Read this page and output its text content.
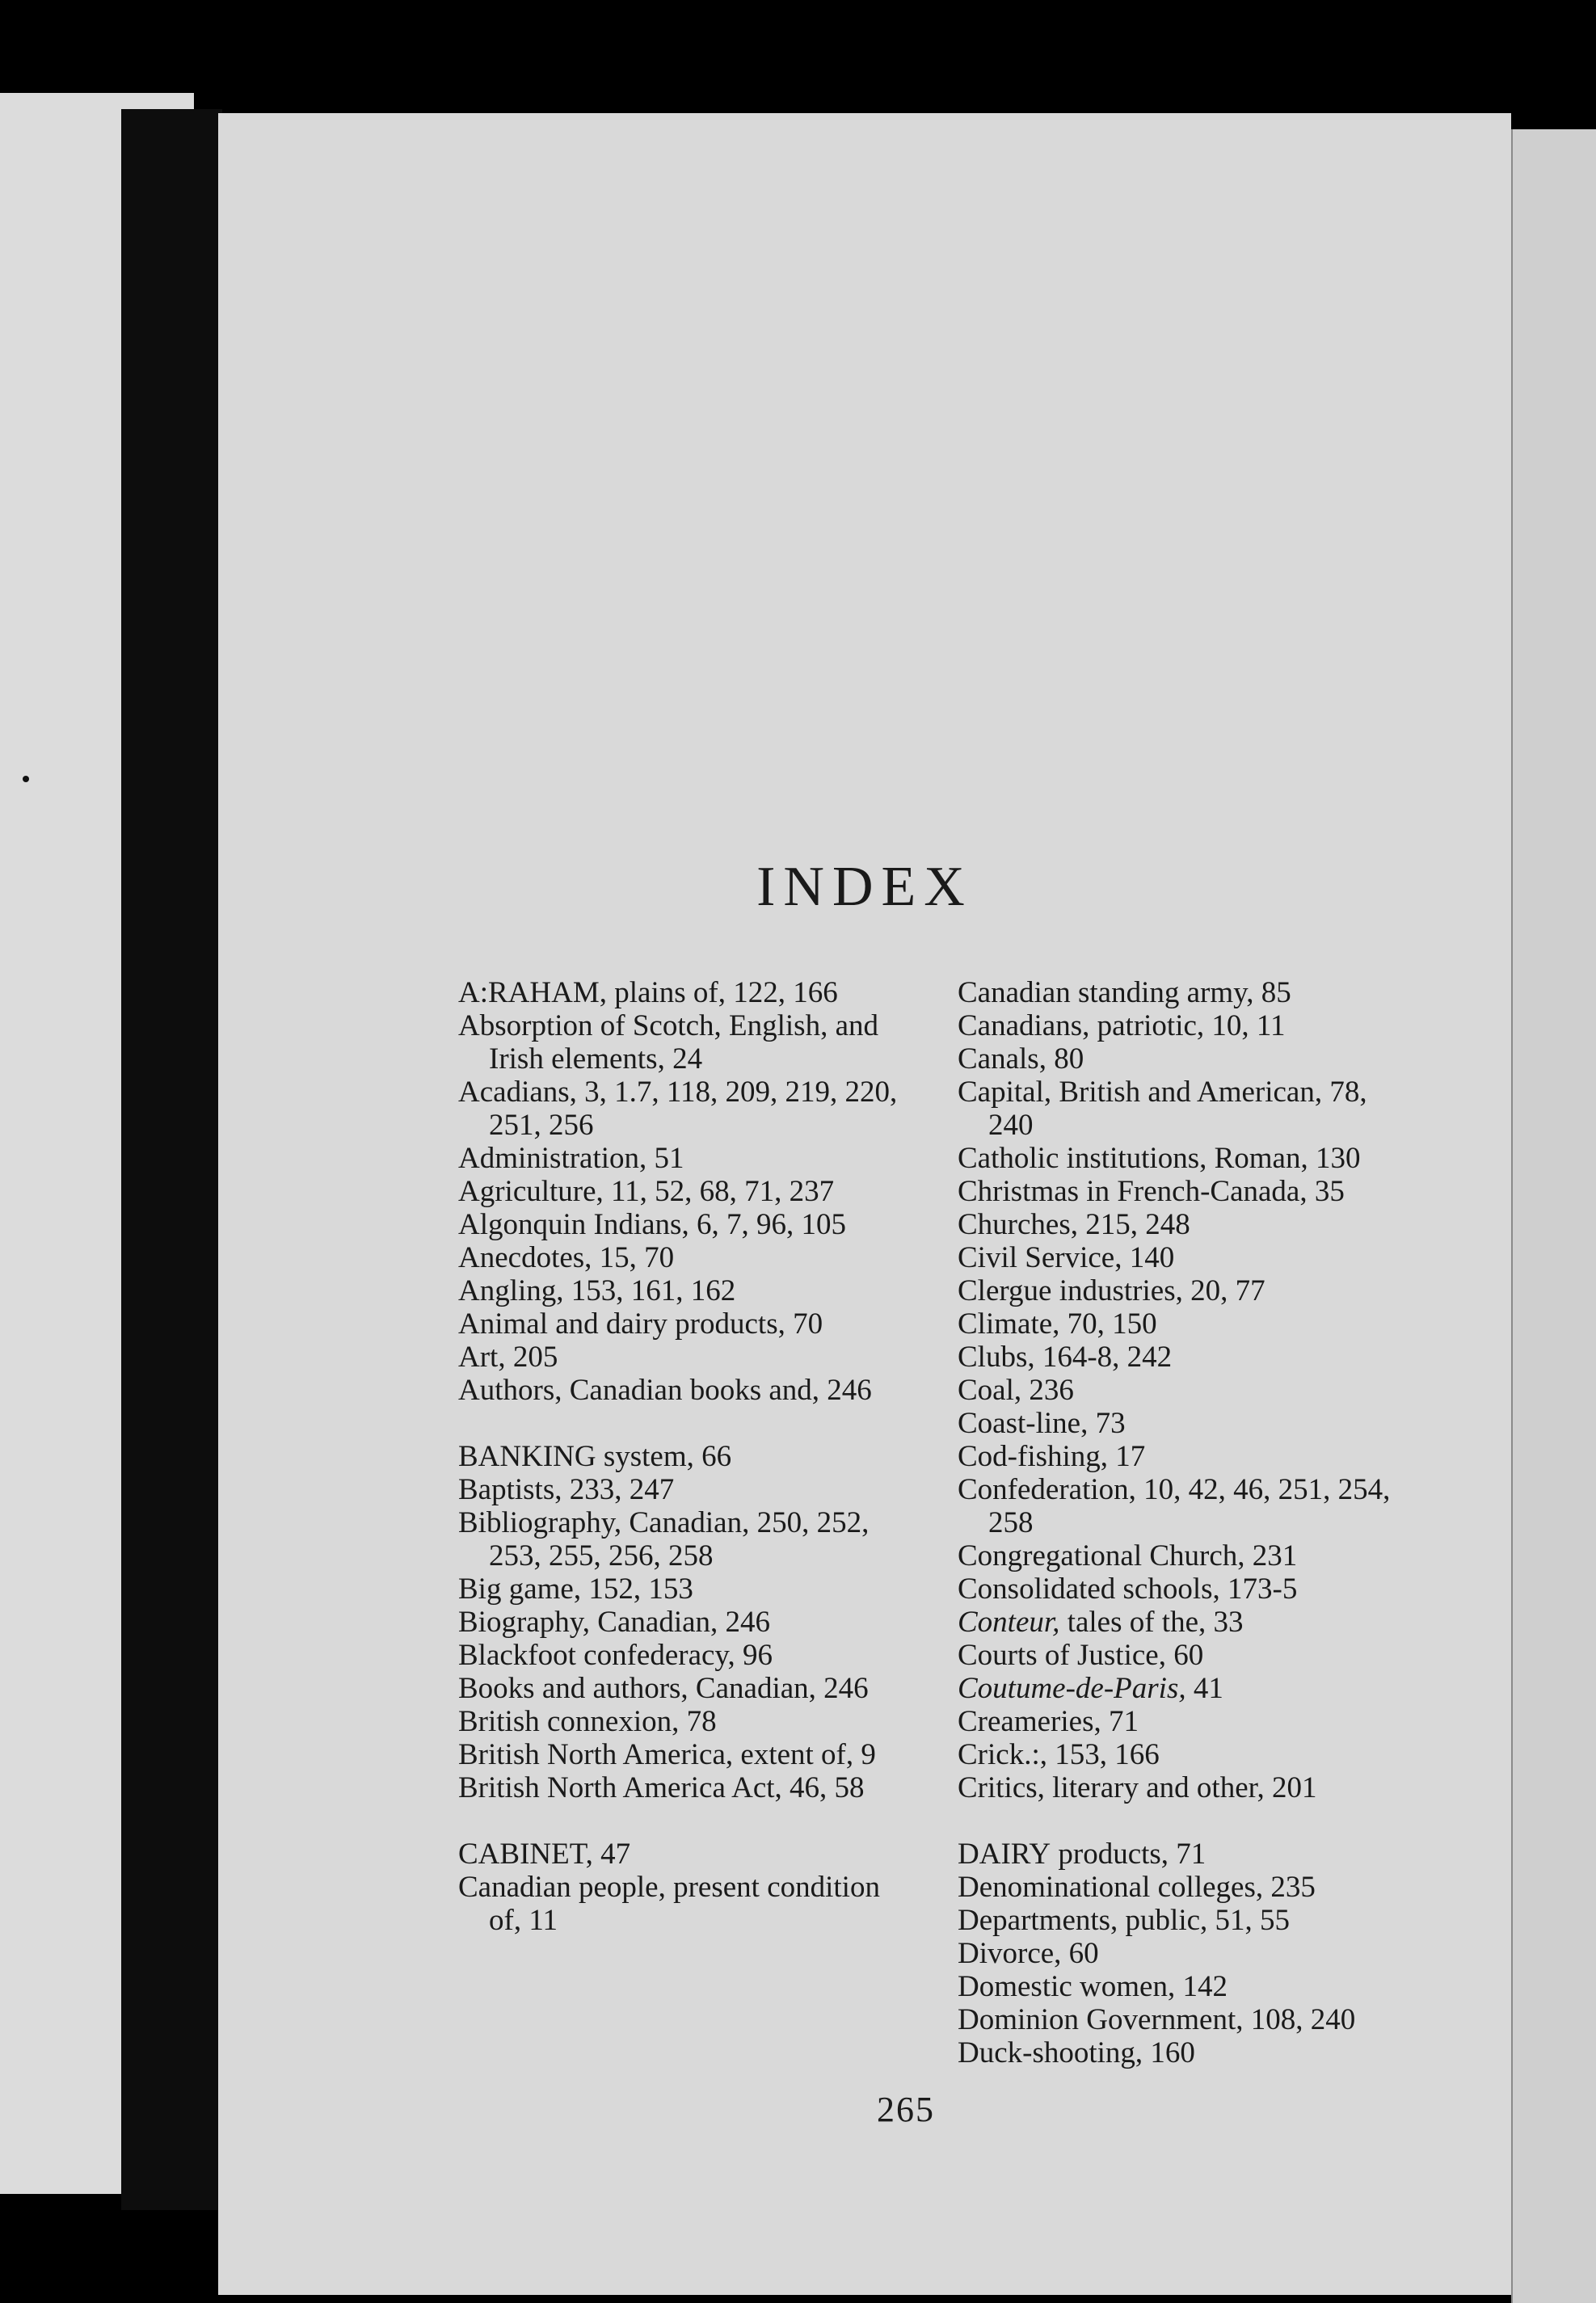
INDEX
A:RAHAM, plains of, 122, 166
Absorption of Scotch, English, and Irish elements, 24
Acadians, 3, 1.7, 118, 209, 219, 220, 251, 256
Administration, 51
Agriculture, 11, 52, 68, 71, 237
Algonquin Indians, 6, 7, 96, 105
Anecdotes, 15, 70
Angling, 153, 161, 162
Animal and dairy products, 70
Art, 205
Authors, Canadian books and, 246
BANKING system, 66
Baptists, 233, 247
Bibliography, Canadian, 250, 252, 253, 255, 256, 258
Big game, 152, 153
Biography, Canadian, 246
Blackfoot confederacy, 96
Books and authors, Canadian, 246
British connexion, 78
British North America, extent of, 9
British North America Act, 46, 58
CABINET, 47
Canadian people, present condition of, 11
Canadian standing army, 85
Canadians, patriotic, 10, 11
Canals, 80
Capital, British and American, 78, 240
Catholic institutions, Roman, 130
Christmas in French-Canada, 35
Churches, 215, 248
Civil Service, 140
Clergue industries, 20, 77
Climate, 70, 150
Clubs, 164-8, 242
Coal, 236
Coast-line, 73
Cod-fishing, 17
Confederation, 10, 42, 46, 251, 254, 258
Congregational Church, 231
Consolidated schools, 173-5
Conteur, tales of the, 33
Courts of Justice, 60
Coutume-de-Paris, 41
Creameries, 71
Crick.:, 153, 166
Critics, literary and other, 201
DAIRY products, 71
Denominational colleges, 235
Departments, public, 51, 55
Divorce, 60
Domestic women, 142
Dominion Government, 108, 240
Duck-shooting, 160
265
